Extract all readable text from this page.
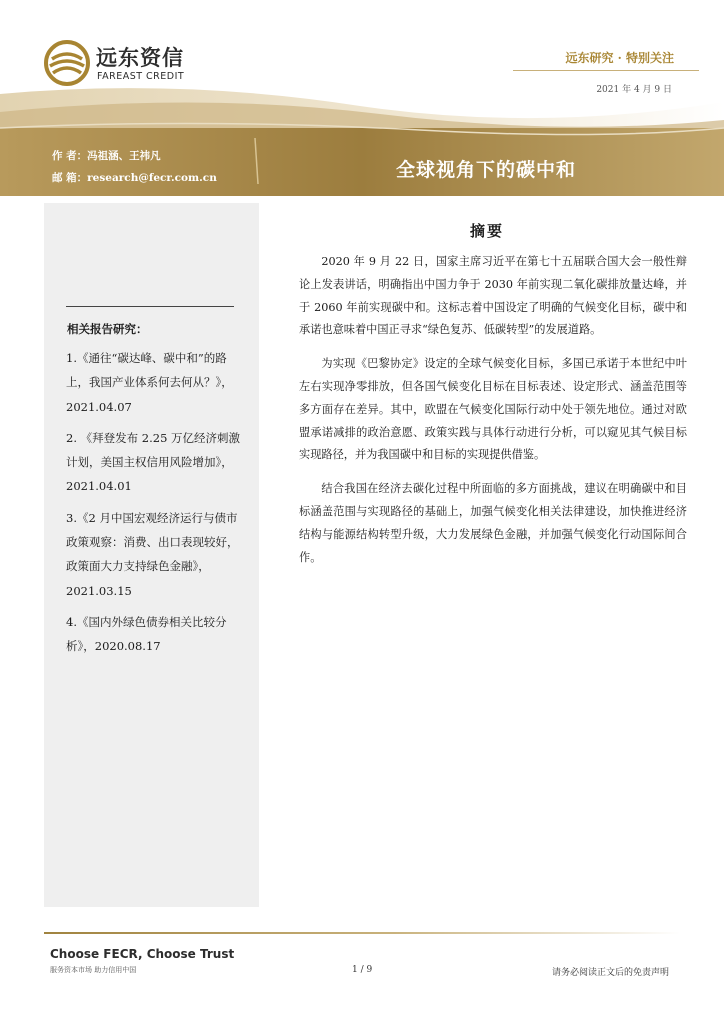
远东资信
FAREAST CREDIT
远东研究 · 特别关注
2021 年 4 月 9 日
作 者：冯祖涵、王祎凡
邮 箱：research@fecr.com.cn	全球视角下的碳中和
相关报告研究：
1.《通往“碳达峰、碳中和”的路上，我国产业体系何去何从？》，2021.04.07
2. 《拜登发布 2.25 万亿经济刺激计划，美国主权信用风险增加》，2021.04.01
3.《2 月中国宏观经济运行与债市政策观察：消费、出口表现较好，政策面大力支持绿色金融》，2021.03.15
4.《国内外绿色债券相关比较分析》，2020.08.17
摘要

2020 年 9 月 22 日，国家主席习近平在第七十五届联合国大会一般性辩论上发表讲话，明确指出中国力争于 2030 年前实现二氧化碳排放量达峰，并于 2060 年前实现碳中和。这标志着中国设定了明确的气候变化目标，碳中和承诺也意味着中国正寻求“绿色复苏、低碳转型”的发展道路。

为实现《巴黎协定》设定的全球气候变化目标，多国已承诺于本世纪中叶左右实现净零排放，但各国气候变化目标在目标表述、设定形式、涵盖范围等多方面存在差异。其中，欧盟在气候变化国际行动中处于领先地位。通过对欧盟承诺减排的政治意愿、政策实践与具体行动进行分析，可以窥见其气候目标实现路径，并为我国碳中和目标的实现提供借鉴。

结合我国在经济去碳化过程中所面临的多方面挑战，建议在明确碳中和目标涵盖范围与实现路径的基础上，加强气候变化相关法律建设，加快推进经济结构与能源结构转型升级，大力发展绿色金融，并加强气候变化行动国际间合作。

Choose FECR, Choose Trust
服务资本市场 助力信用中国	1 / 9	请务必阅读正文后的免责声明
